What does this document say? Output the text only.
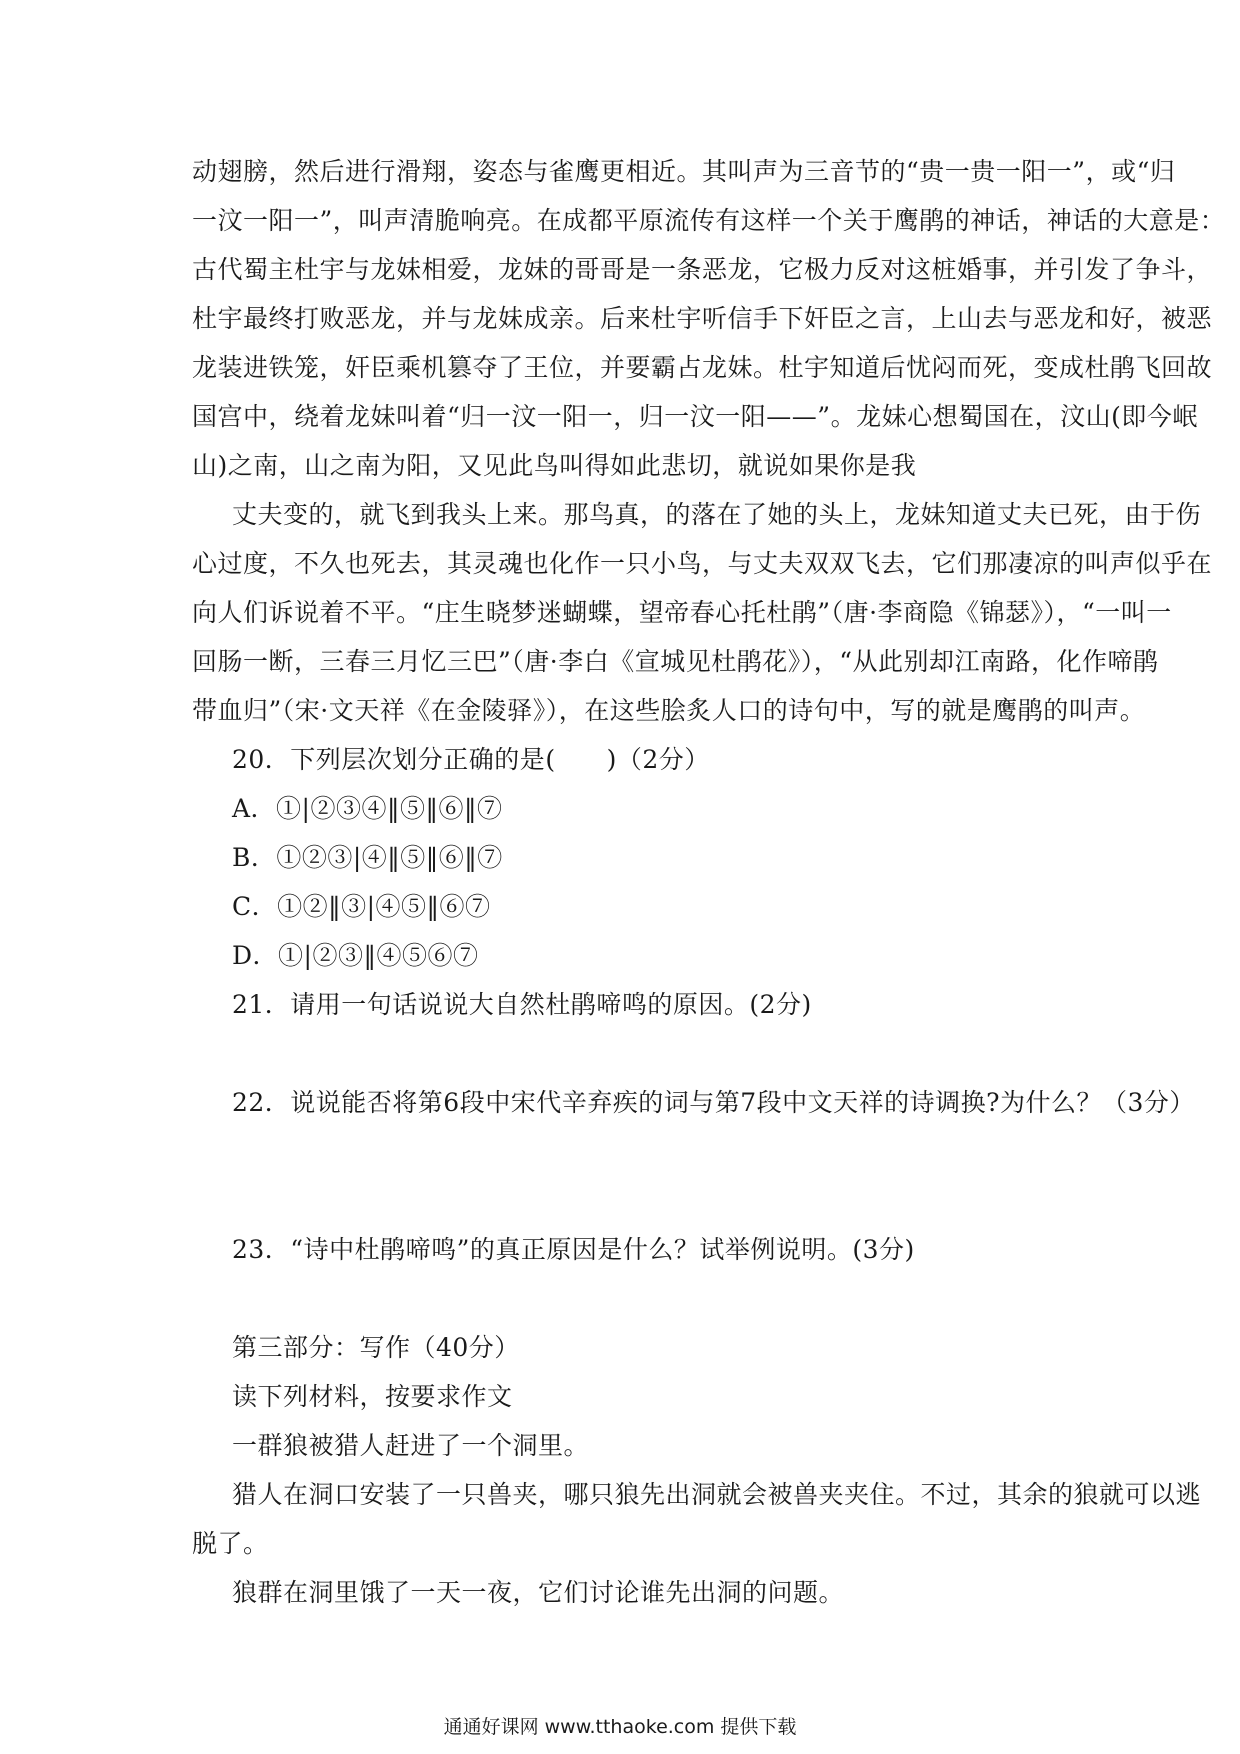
动翅膀，然后进行滑翔，姿态与雀鹰更相近。其叫声为三音节的“贵一贵一阳一”，或“归
一汶一阳一”，叫声清脆响亮。在成都平原流传有这样一个关于鹰鹃的神话，神话的大意是：
古代蜀主杜宇与龙妹相爱，龙妹的哥哥是一条恶龙，它极力反对这桩婚事，并引发了争斗，
杜宇最终打败恶龙，并与龙妹成亲。后来杜宇听信手下奸臣之言，上山去与恶龙和好，被恶
龙装进铁笼，奸臣乘机篡夺了王位，并要霸占龙妹。杜宇知道后忧闷而死，变成杜鹃飞回故
国宫中，绕着龙妹叫着“归一汶一阳一，归一汶一阳——”。龙妹心想蜀国在，汶山(即今岷
山)之南，山之南为阳，又见此鸟叫得如此悲切，就说如果你是我
丈夫变的，就飞到我头上来。那鸟真，的落在了她的头上，龙妹知道丈夫已死，由于伤
心过度，不久也死去，其灵魂也化作一只小鸟，与丈夫双双飞去，它们那凄凉的叫声似乎在
向人们诉说着不平。“庄生晓梦迷蝴蝶，望帝春心托杜鹃”（唐·李商隐《锦瑟》），“一叫一
回肠一断，三春三月忆三巴”（唐·李白《宣城见杜鹃花》），“从此别却江南路，化作啼鹃
带血归”（宋·文天祥《在金陵驿》），在这些脍炙人口的诗句中，写的就是鹰鹃的叫声。
20．下列层次划分正确的是(　　)（2分）
A．①|②③④‖⑤‖⑥‖⑦
B．①②③|④‖⑤‖⑥‖⑦
C．①②‖③|④⑤‖⑥⑦
D．①|②③‖④⑤⑥⑦
21．请用一句话说说大自然杜鹃啼鸣的原因。(2分)
22．说说能否将第6段中宋代辛弃疾的词与第7段中文天祥的诗调换?为什么？（3分）
23．“诗中杜鹃啼鸣”的真正原因是什么？试举例说明。(3分)
第三部分：写作（40分）
读下列材料，按要求作文
一群狼被猎人赶进了一个洞里。
猎人在洞口安装了一只兽夹，哪只狼先出洞就会被兽夹夹住。不过，其余的狼就可以逃
脱了。
狼群在洞里饿了一天一夜，它们讨论谁先出洞的问题。
通通好课网 www.tthaoke.com 提供下载
